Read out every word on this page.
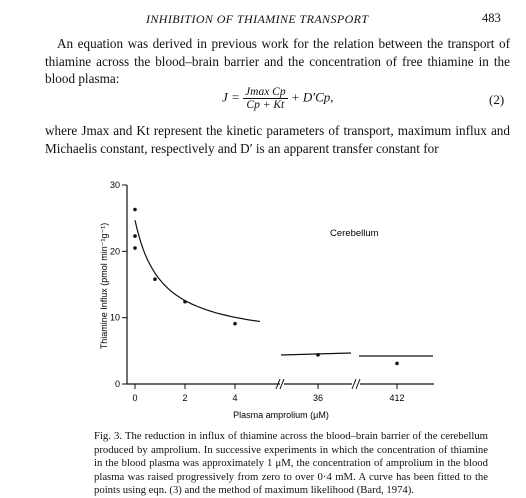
INHIBITION OF THIAMINE TRANSPORT	483

An equation was derived in previous work for the relation between the transport of thiamine across the blood–brain barrier and the concentration of free thiamine in the blood plasma:

$J = \frac{\text{Jmax Cp}}{Cp + Kt} + D'Cp$,	(2)
where Jmax and Kt represent the kinetic parameters of transport, maximum influx and Michaelis constant, respectively and D′ is an apparent transfer constant for
0
10
20
30
0	2	4	36	412
Thiamine Influx (pmol min⁻¹g⁻¹)
Plasma amprolium (μM)
Cerebellum
Fig. 3. The reduction in influx of thiamine across the blood–brain barrier of the cerebellum produced by amprolium. In successive experiments in which the concentration of thiamine in the blood plasma was approximately 1 μM, the concentration of amprolium in the blood plasma was raised progressively from zero to over 0·4 mM. A curve has been fitted to the points using eqn. (3) and the method of maximum likelihood (Bard, 1974).
